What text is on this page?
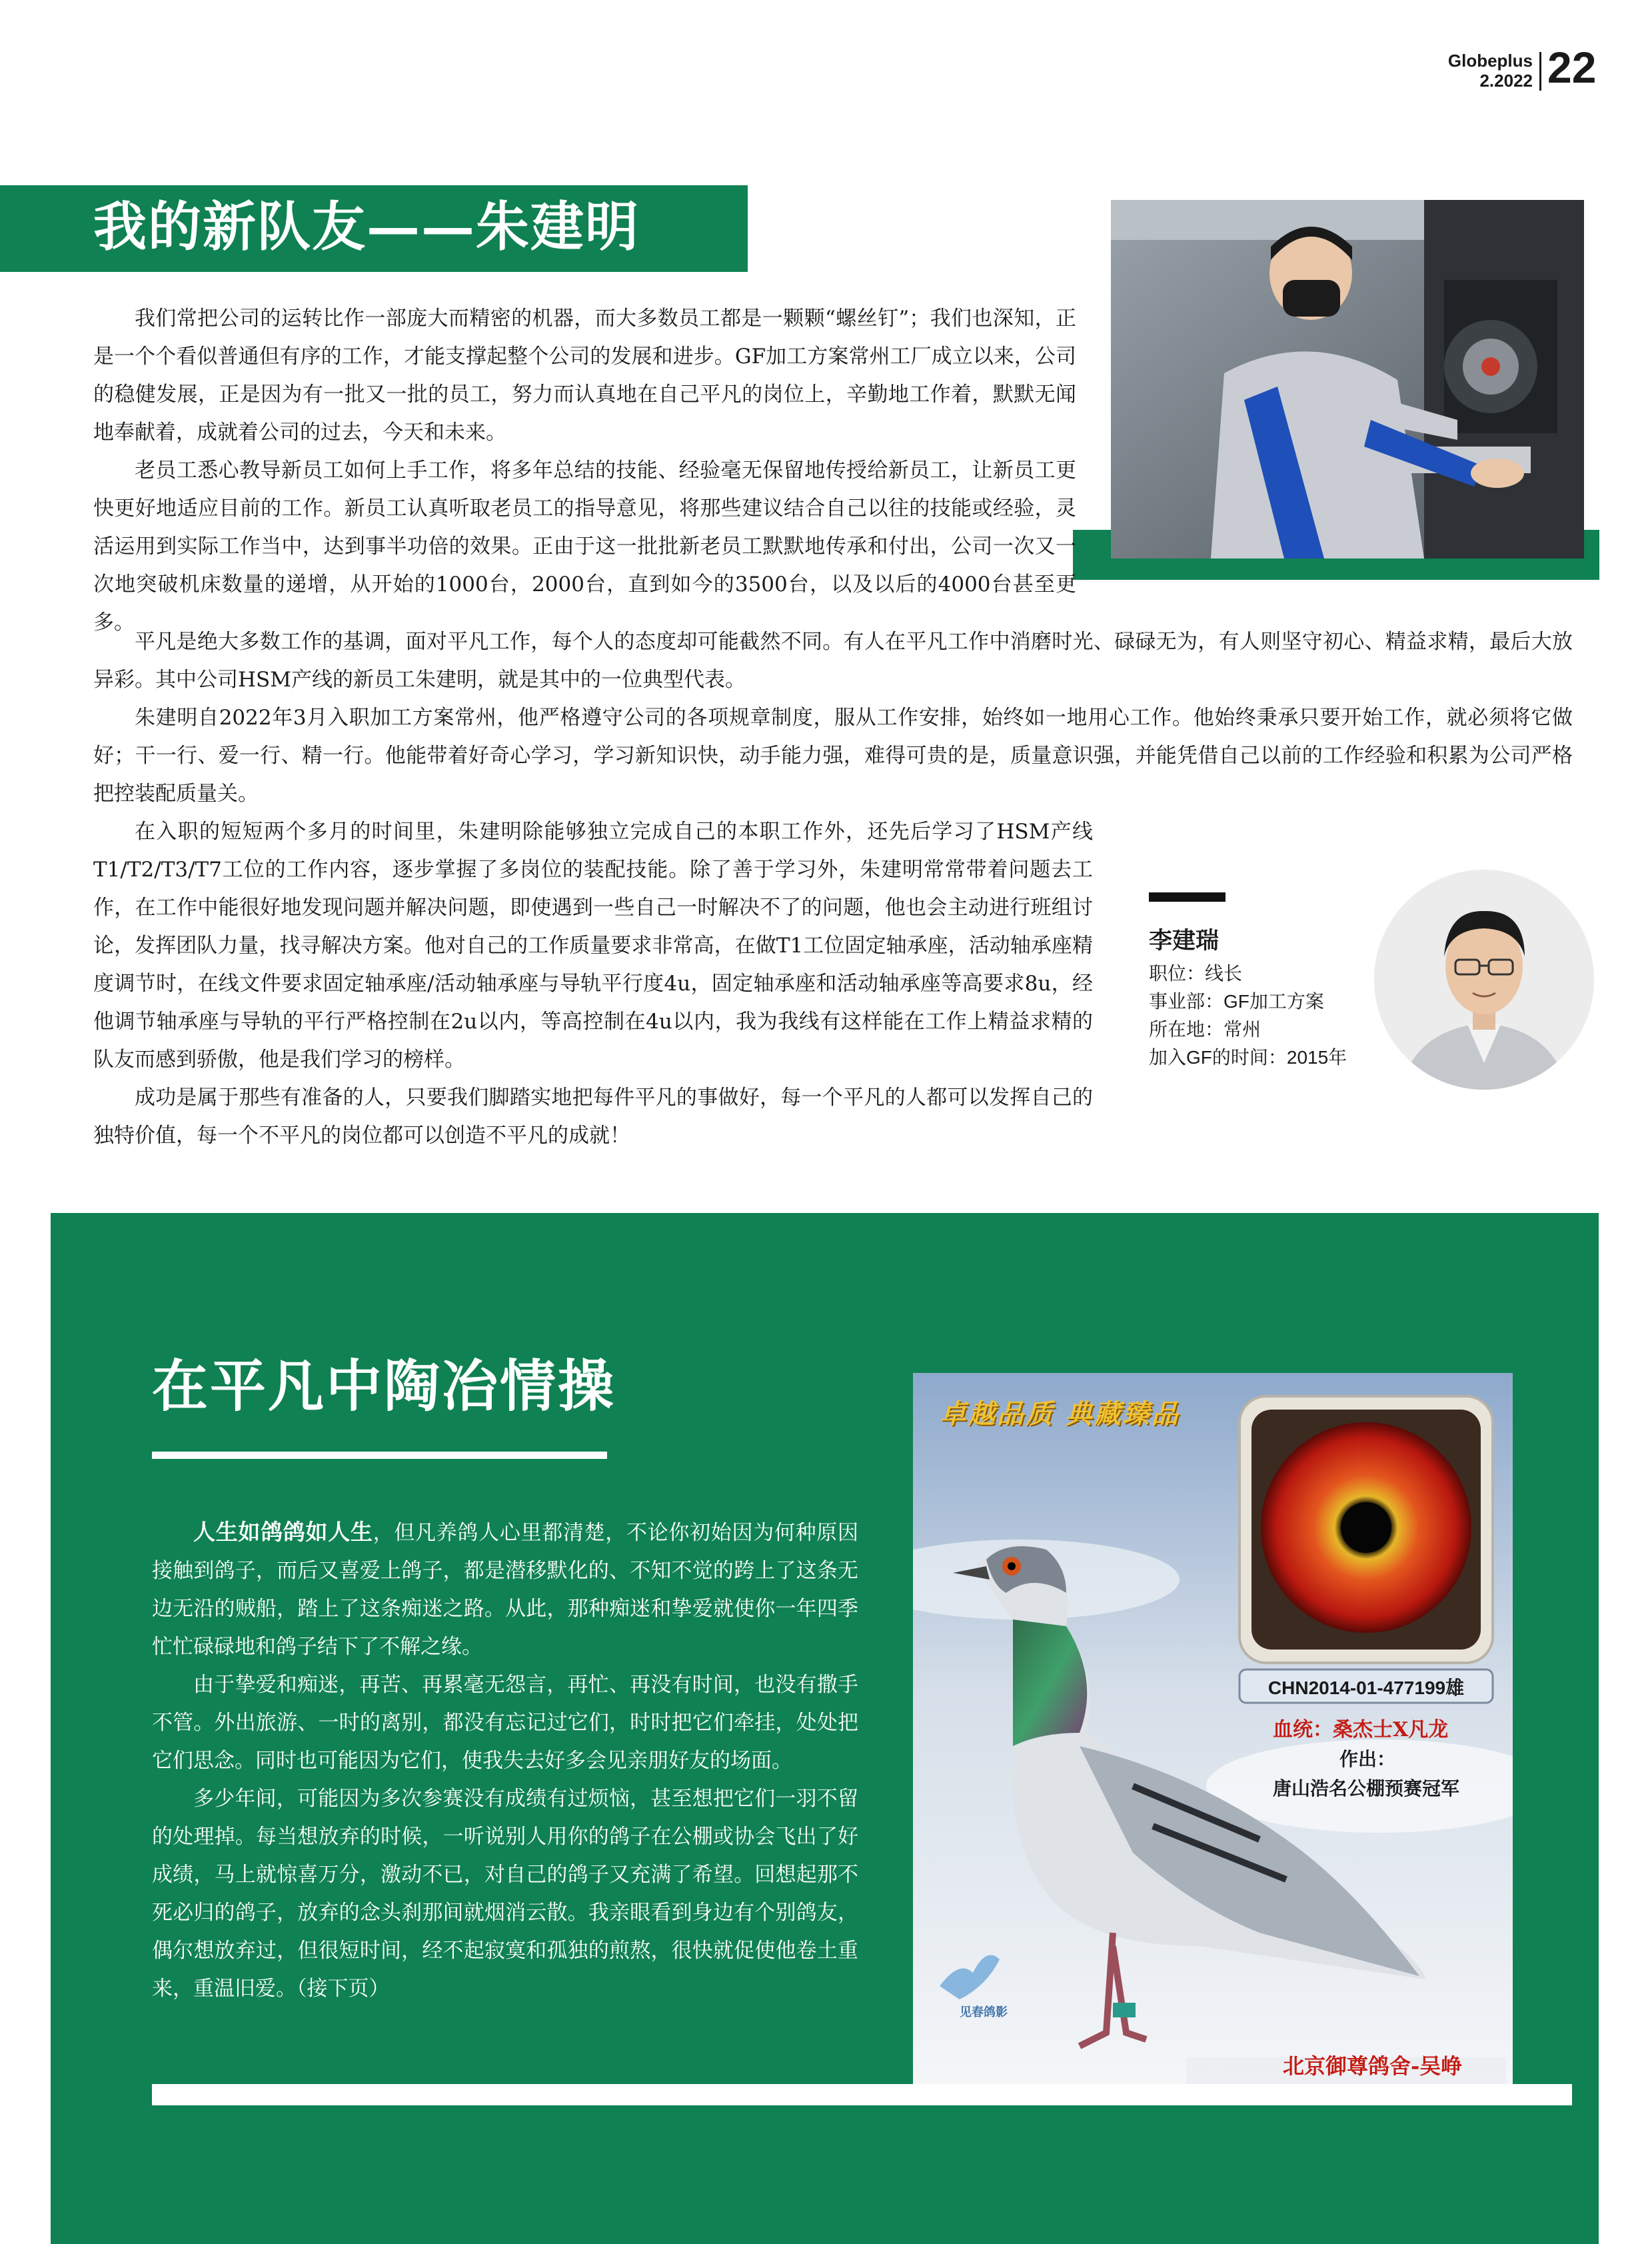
Globeplus
2.2022 22
我的新队友——朱建明

我们常把公司的运转比作一部庞大而精密的机器，而大多数员工都是一颗颗“螺丝钉”；我们也深知，正是一个个看似普通但有序的工作，才能支撑起整个公司的发展和进步。GF加工方案常州工厂成立以来，公司的稳健发展，正是因为有一批又一批的员工，努力而认真地在自己平凡的岗位上，辛勤地工作着，默默无闻地奉献着，成就着公司的过去，今天和未来。

老员工悉心教导新员工如何上手工作，将多年总结的技能、经验毫无保留地传授给新员工，让新员工更快更好地适应目前的工作。新员工认真听取老员工的指导意见，将那些建议结合自己以往的技能或经验，灵活运用到实际工作当中，达到事半功倍的效果。正由于这一批批新老员工默默地传承和付出，公司一次又一次地突破机床数量的递增，从开始的1000台，2000台，直到如今的3500台，以及以后的4000台甚至更多。

平凡是绝大多数工作的基调，面对平凡工作，每个人的态度却可能截然不同。有人在平凡工作中消磨时光、碌碌无为，有人则坚守初心、精益求精，最后大放异彩。其中公司HSM产线的新员工朱建明，就是其中的一位典型代表。

朱建明自2022年3月入职加工方案常州，他严格遵守公司的各项规章制度，服从工作安排，始终如一地用心工作。他始终秉承只要开始工作，就必须将它做好；干一行、爱一行、精一行。他能带着好奇心学习，学习新知识快，动手能力强，难得可贵的是，质量意识强，并能凭借自己以前的工作经验和积累为公司严格把控装配质量关。

在入职的短短两个多月的时间里，朱建明除能够独立完成自己的本职工作外，还先后学习了HSM产线T1/T2/T3/T7工位的工作内容，逐步掌握了多岗位的装配技能。除了善于学习外，朱建明常常带着问题去工作，在工作中能很好地发现问题并解决问题，即使遇到一些自己一时解决不了的问题，他也会主动进行班组讨论，发挥团队力量，找寻解决方案。他对自己的工作质量要求非常高，在做T1工位固定轴承座，活动轴承座精度调节时，在线文件要求固定轴承座/活动轴承座与导轨平行度4u，固定轴承座和活动轴承座等高要求8u，经他调节轴承座与导轨的平行严格控制在2u以内，等高控制在4u以内，我为我线有这样能在工作上精益求精的队友而感到骄傲，他是我们学习的榜样。

成功是属于那些有准备的人，只要我们脚踏实地把每件平凡的事做好，每一个平凡的人都可以发挥自己的独特价值，每一个不平凡的岗位都可以创造不平凡的成就！

李建瑞
职位：线长
事业部：GF加工方案
所在地：常州
加入GF的时间：2015年
在平凡中陶冶情操

人生如鸽鸽如人生，但凡养鸽人心里都清楚，不论你初始因为何种原因接触到鸽子，而后又喜爱上鸽子，都是潜移默化的、不知不觉的跨上了这条无边无沿的贼船，踏上了这条痴迷之路。从此，那种痴迷和挚爱就使你一年四季忙忙碌碌地和鸽子结下了不解之缘。

由于挚爱和痴迷，再苦、再累毫无怨言，再忙、再没有时间，也没有撒手不管。外出旅游、一时的离别，都没有忘记过它们，时时把它们牵挂，处处把它们思念。同时也可能因为它们，使我失去好多会见亲朋好友的场面。

多少年间，可能因为多次参赛没有成绩有过烦恼，甚至想把它们一羽不留的处理掉。每当想放弃的时候，一听说别人用你的鸽子在公棚或协会飞出了好成绩，马上就惊喜万分，激动不已，对自己的鸽子又充满了希望。回想起那不死必归的鸽子，放弃的念头刹那间就烟消云散。我亲眼看到身边有个别鸽友，偶尔想放弃过，但很短时间，经不起寂寞和孤独的煎熬，很快就促使他卷土重来，重温旧爱。（接下页）

卓越品质 典藏臻品
CHN2014-01-477199雄
血统：桑杰士X凡龙
作出：
唐山浩名公棚预赛冠军
见春鸽影
北京御尊鸽舍-吴峥
